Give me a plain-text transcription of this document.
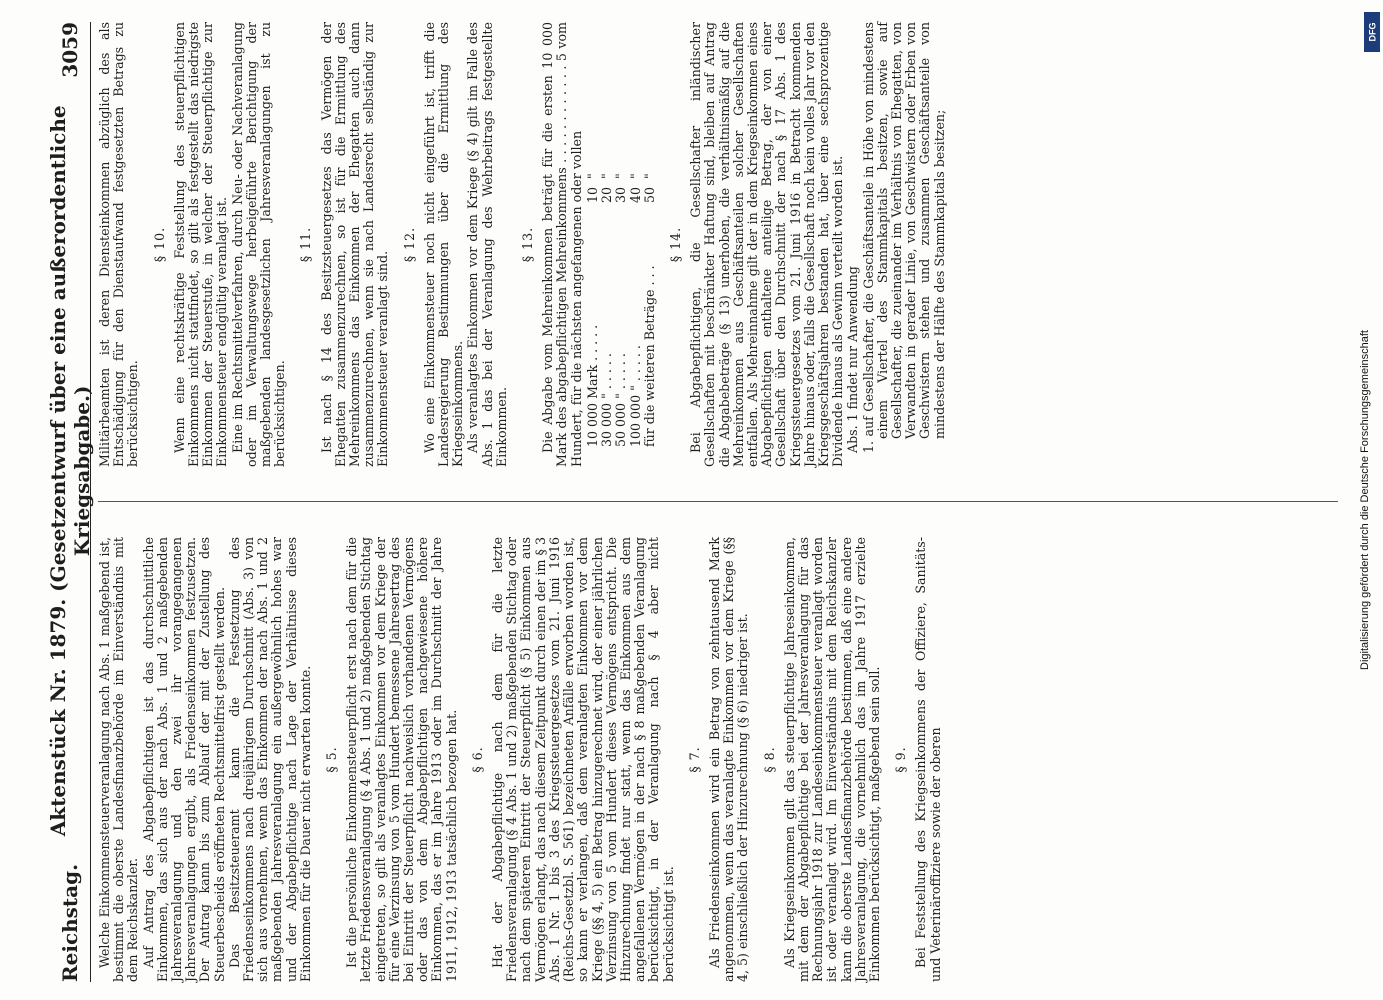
Reichstag.
Aktenstück Nr. 1879. (Gesetzentwurf über eine außerordentliche Kriegsabgabe.)
3059

Welche Einkommensteuerveranlagung nach Abs. 1 maßgebend ist, bestimmt die oberste Landesfinanzbehörde im Einverständnis mit dem Reichskanzler. Auf Antrag des Abgabepflichtigen ist das durchschnittliche Einkommen, das sich aus der nach Abs. 1 und 2 maßgebenden Jahresveranlagung und den zwei ihr vorangegangenen Jahresveranlagungen ergibt, als Friedenseinkommen festzusetzen. Der Antrag kann bis zum Ablauf der mit der Zustellung des Steuerbescheids eröffneten Rechtsmittelfrist gestellt werden. Das Besitzsteueramt kann die Festsetzung des Friedenseinkommens nach dreijährigem Durchschnitt (Abs. 3) von sich aus vornehmen, wenn das Einkommen der nach Abs. 1 und 2 maßgebenden Jahresveranlagung ein außergewöhnlich hohes war und der Abgabepflichtige nach Lage der Verhältnisse dieses Einkommen für die Dauer nicht erwarten konnte. § 5. Ist die persönliche Einkommensteuerpflicht erst nach dem für die letzte Friedensveranlagung (§ 4 Abs. 1 und 2) maßgebenden Stichtag eingetreten, so gilt als veranlagtes Einkommen vor dem Kriege der für eine Verzinsung von 5 vom Hundert bemessene Jahresertrag des bei Eintritt der Steuerpflicht nachweislich vorhandenen Vermögens oder das von dem Abgabepflichtigen nachgewiesene höhere Einkommen, das er im Jahre 1913 oder im Durchschnitt der Jahre 1911, 1912, 1913 tatsächlich bezogen hat. § 6. Hat der Abgabepflichtige nach dem für die letzte Friedensveranlagung (§ 4 Abs. 1 und 2) maßgebenden Stichtag oder nach dem späteren Eintritt der Steuerpflicht (§ 5) Einkommen aus Vermögen erlangt, das nach diesem Zeitpunkt durch einen der im § 3 Abs. 1 Nr. 1 bis 3 des Kriegssteuergesetzes vom 21. Juni 1916 (Reichs-Gesetzbl. S. 561) bezeichneten Anfälle erworben worden ist, so kann er verlangen, daß dem veranlagten Einkommen vor dem Kriege (§§ 4, 5) ein Betrag hinzugerechnet wird, der einer jährlichen Verzinsung von 5 vom Hundert dieses Vermögens entspricht. Die Hinzurechnung findet nur statt, wenn das Einkommen aus dem angefallenen Vermögen in der nach § 8 maßgebenden Veranlagung berücksichtigt, in der Veranlagung nach § 4 aber nicht berücksichtigt ist.

§ 7. Als Friedenseinkommen wird ein Betrag von zehntausend Mark angenommen, wenn das veranlagte Einkommen vor dem Kriege (§§ 4, 5) einschließlich der Hinzurechnung (§ 6) niedriger ist. § 8. Als Kriegseinkommen gilt das steuerpflichtige Jahreseinkommen, mit dem der Abgabepflichtige bei der Jahresveranlagung für das Rechnungsjahr 1918 zur Landeseinkommensteuer veranlagt worden ist oder veranlagt wird. Im Einverständnis mit dem Reichskanzler kann die oberste Landesfinanzbehörde bestimmen, daß eine andere Jahresveranlagung, die vornehmlich das im Jahre 1917 erzielte Einkommen berücksichtigt, maßgebend sein soll. § 9. Bei Feststellung des Kriegseinkommens der Offiziere, Sanitäts- und Veterinäroffiziere sowie der oberen

Militärbeamten ist deren Diensteinkommen abzüglich des als Entschädigung für den Dienstaufwand festgesetzten Betrags zu berücksichtigen.

§ 10. Wenn eine rechtskräftige Feststellung des steuerpflichtigen Einkommens nicht stattfindet, so gilt als festgestellt das niedrigste Einkommen der Steuerstufe, in welcher der Steuerpflichtige zur Einkommensteuer endgültig veranlagt ist. Eine im Rechtsmittelverfahren, durch Neu- oder Nachveranlagung oder im Verwaltungswege herbeigeführte Berichtigung der maßgebenden landesgesetzlichen Jahresveranlagungen ist zu berücksichtigen.

§ 11. Ist nach § 14 des Besitzsteuergesetzes das Vermögen der Ehegatten zusammenzurechnen, so ist für die Ermittlung des Mehreinkommens das Einkommen der Ehegatten auch dann zusammenzurechnen, wenn sie nach Landesrecht selbständig zur Einkommensteuer veranlagt sind.

§ 12. Wo eine Einkommensteuer noch nicht eingeführt ist, trifft die Landesregierung Bestimmungen über die Ermittlung des Kriegseinkommens. Als veranlagtes Einkommen vor dem Kriege (§ 4) gilt im Falle des Abs. 1 das bei der Veranlagung des Wehrbeitrags festgestellte Einkommen.

§ 13. Die Abgabe vom Mehreinkommen beträgt für die ersten 10 000 Mark des abgabepflichtigen Mehreinkommens . . . . . . . . . . . . 5 vom Hundert, für die nächsten angefangenen oder vollen 10 000 Mark . . . . .
10
"
30 000 " . . . . .
20
"
50 000 " . . . . .
30
"
100 000 " . . . . .
40
"
für die weiteren Beträge . . .
50
"

§ 14. Bei Abgabepflichtigen, die Gesellschafter inländischer Gesellschaften mit beschränkter Haftung sind, bleiben auf Antrag die Abgabebeträge (§ 13) unerhoben, die verhältnismäßig auf die Mehreinkommen aus Geschäftsanteilen solcher Gesellschaften entfallen. Als Mehreinnahme gilt der in dem Kriegseinkommen eines Abgabepflichtigen enthaltene anteilige Betrag, der von einer Gesellschaft über den Durchschnitt der nach § 17 Abs. 1 des Kriegssteuergesetzes vom 21. Juni 1916 in Betracht kommenden Jahre hinaus oder, falls die Gesellschaft noch kein volles Jahr vor den Kriegsgeschäftsjahren bestanden hat, über eine sechsprozentige Dividende hinaus als Gewinn verteilt worden ist. Abs. 1 findet nur Anwendung 1. auf Gesellschafter, die Geschäftsanteile in Höhe von mindestens einem Viertel des Stammkapitals besitzen, sowie auf Gesellschafter, die zueinander im Verhältnis von Ehegatten, von Verwandten in gerader Linie, von Geschwistern oder Erben von Geschwistern stehen und zusammen Geschäftsanteile von mindestens der Hälfte des Stammkapitals besitzen;

Digitalisierung gefördert durch die Deutsche Forschungsgemeinschaft
DFG
